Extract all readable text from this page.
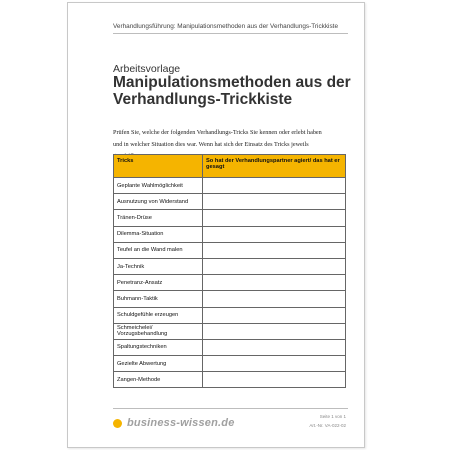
Verhandlungsführung: Manipulationsmethoden aus der Verhandlungs-Trickkiste
Arbeitsvorlage
Manipulationsmethoden aus der Verhandlungs-Trickkiste
Prüfen Sie, welche der folgenden Verhandlungs-Tricks Sie kennen oder erlebt haben und in welcher Situation dies war. Wenn hat sich der Einsatz des Tricks jeweils
Tricks	So hat der Verhandlungspartner agiert/ das hat er gesagt
Geplante Wahlmöglichkeit	
Ausnutzung von Widerstand	
Tränen-Drüse	
Dilemma-Situation	
Teufel an die Wand malen	
Ja-Technik	
Penetranz-Ansatz	
Buhmann-Taktik	
Schuldgefühle erzeugen	
Schmeichelei/ Vorzugsbehandlung	
Spaltungstechniken	
Gezielte Abwertung	
Zangen-Methode	
business-wissen.de
Seite 1 von 1
Art.-Nr. VA-022-02
